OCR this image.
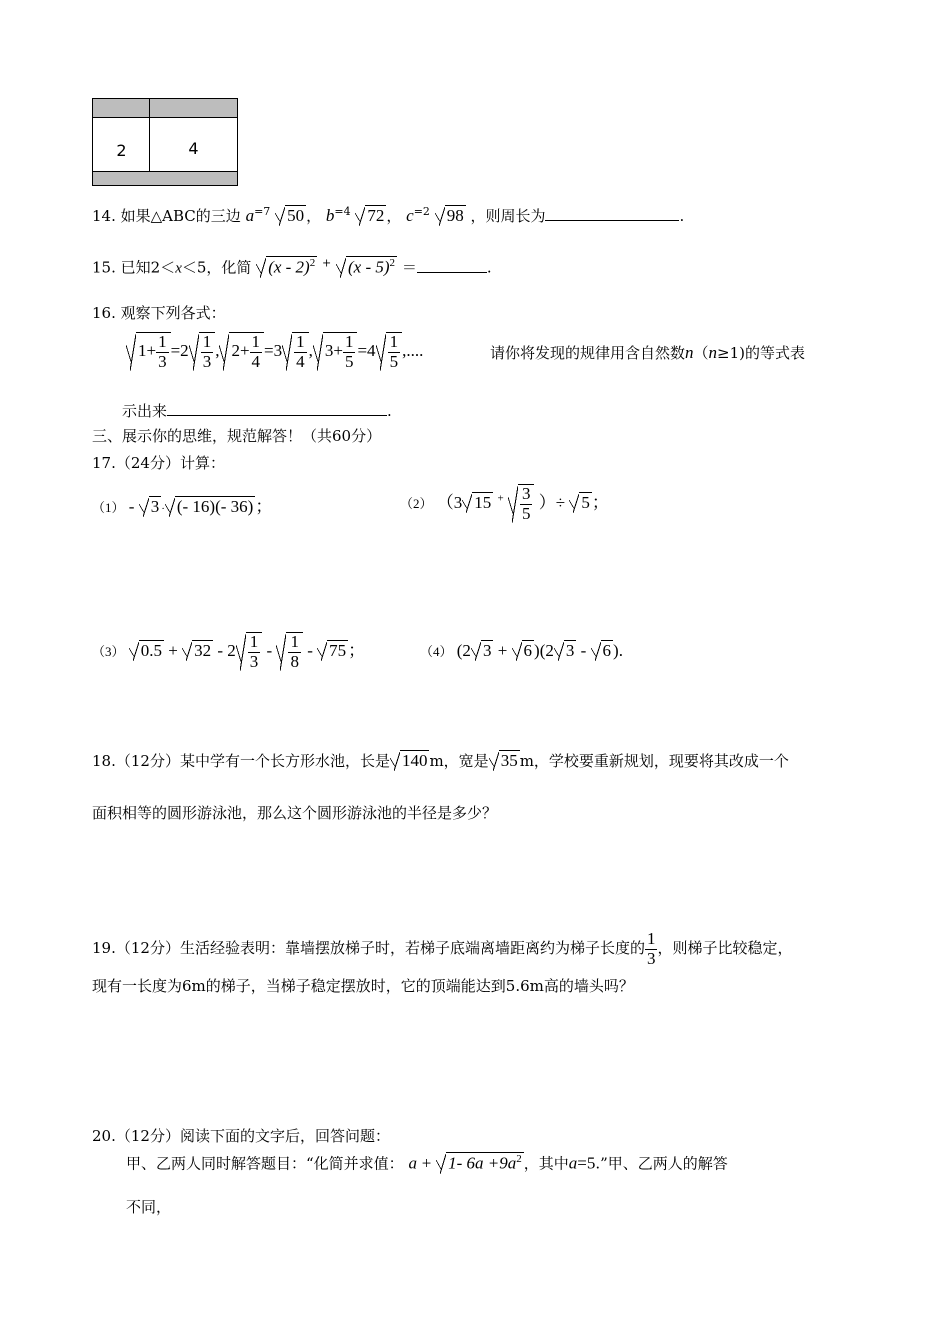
2	4
14. 如果△ABC的三边 $a^{=7}$ 50 ， $b^{=4}$ 72 ， $c^{=2}$ 98 ，则周长为	.
15. 已知2＜x＜5，化简 (x - 2)$^2$ + (x - 5)$^2$ ＝	.
16. 观察下列各式：
$1+ \frac{1}{3} =2 \frac{1}{3}$ , $2+ \frac{1}{4} =3 \frac{1}{4}$ , $3+ \frac{1}{5} =4 \frac{1}{5}$ ,....	请你将发现的规律用含自然数n（n≥1)的等式表
示出来	.
三、展示你的思维，规范解答！（共60分）
17.（24分）计算：
（1） - 3 · (- 16)(- 36) ；	（2） （3 15 $^+ \frac{3}{5}$ ）÷ 5 ；
（3） $0.5 + 32 - 2 \frac{1}{3} - \frac{1}{8} - 75$ ；	（4） (2 3 + 6 )(2 3 - 6 ).
18.（12分）某中学有一个长方形水池，长是 140 m，宽是 35 m，学校要重新规划，现要将其改成一个
面积相等的圆形游泳池，那么这个圆形游泳池的半径是多少？
19.（12分）生活经验表明：靠墙摆放梯子时，若梯子底端离墙距离约为梯子长度的 $\frac{1}{3}$ ，则梯子比较稳定，
现有一长度为6m的梯子，当梯子稳定摆放时，它的顶端能达到5.6m高的墙头吗？
20.（12分）阅读下面的文字后，回答问题：
甲、乙两人同时解答题目：“化简并求值： a + 1- $6a +9a^2$ ，其中a=5.”甲、乙两人的解答
不同，
